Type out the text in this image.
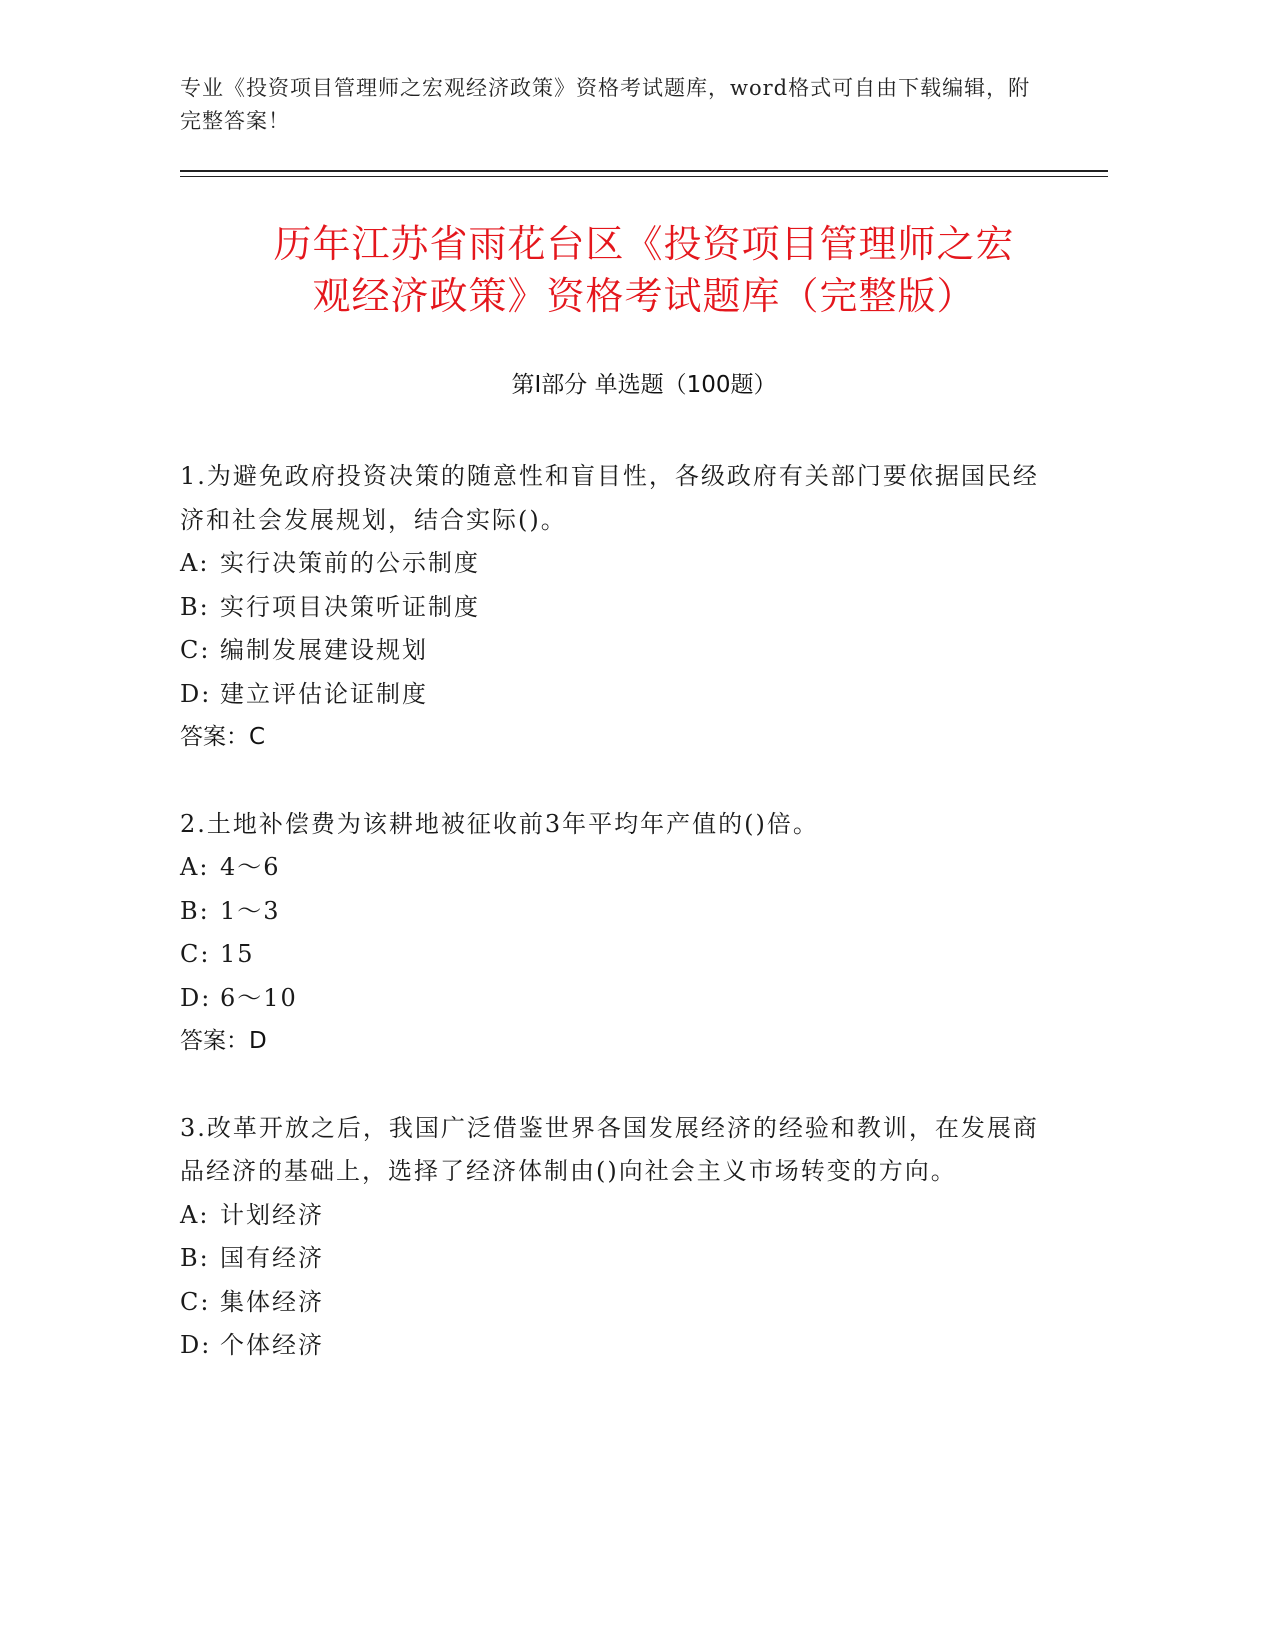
专业《投资项目管理师之宏观经济政策》资格考试题库，word格式可自由下载编辑，附完整答案！
历年江苏省雨花台区《投资项目管理师之宏
观经济政策》资格考试题库（完整版）
第Ⅰ部分 单选题（100题）

1.为避免政府投资决策的随意性和盲目性，各级政府有关部门要依据国民经济和社会发展规划，结合实际()。

A: 实行决策前的公示制度

B: 实行项目决策听证制度

C: 编制发展建设规划

D: 建立评估论证制度

答案：C

2.土地补偿费为该耕地被征收前3年平均年产值的()倍。

A: 4～6

B: 1～3

C: 15

D: 6～10

答案：D

3.改革开放之后，我国广泛借鉴世界各国发展经济的经验和教训，在发展商品经济的基础上，选择了经济体制由()向社会主义市场转变的方向。

A: 计划经济

B: 国有经济

C: 集体经济

D: 个体经济
